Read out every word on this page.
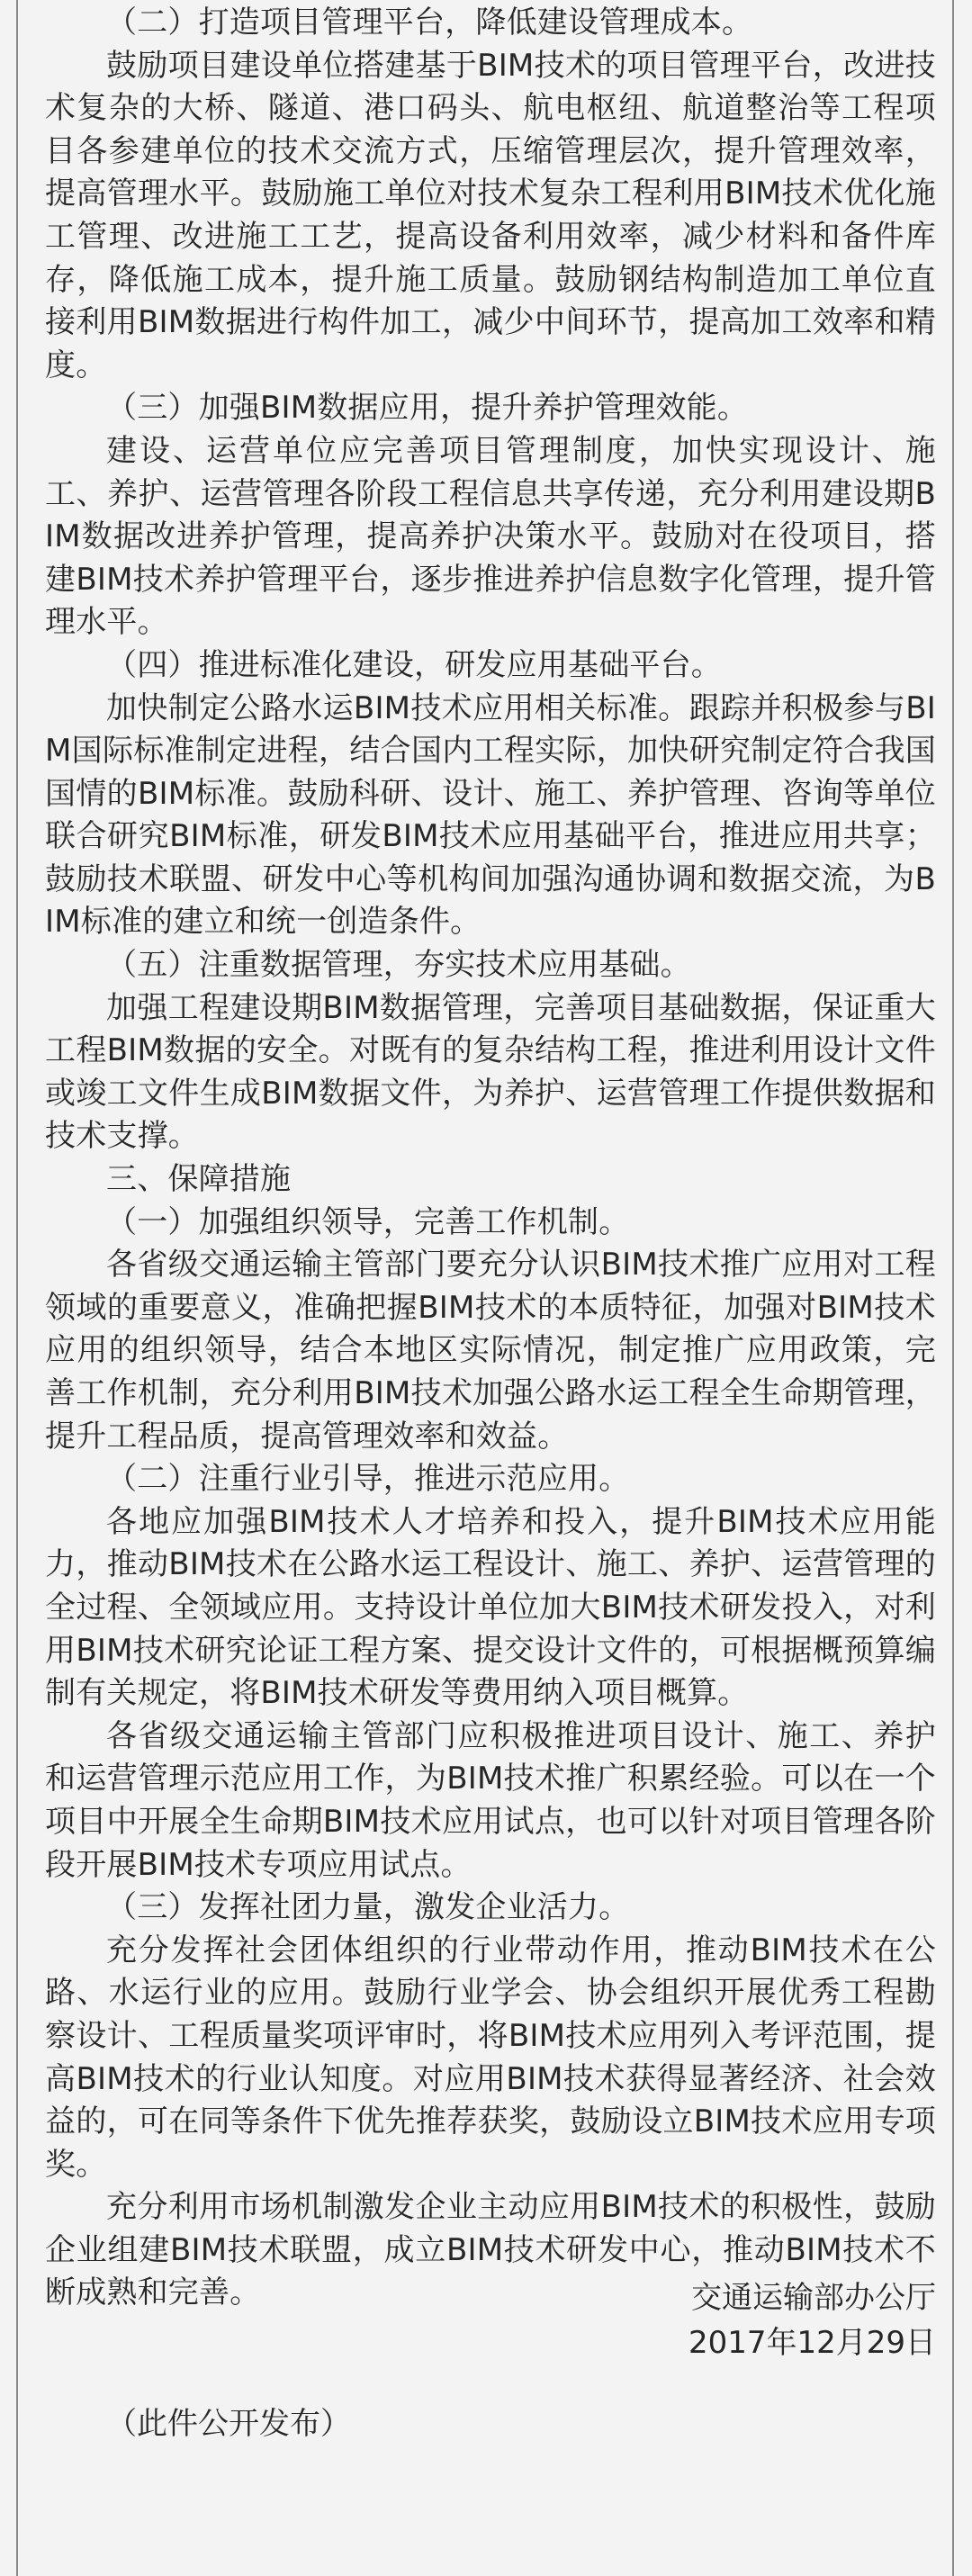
（二）打造项目管理平台，降低建设管理成本。

鼓励项目建设单位搭建基于BIM技术的项目管理平台，改进技术复杂的大桥、隧道、港口码头、航电枢纽、航道整治等工程项目各参建单位的技术交流方式，压缩管理层次，提升管理效率，提高管理水平。鼓励施工单位对技术复杂工程利用BIM技术优化施工管理、改进施工工艺，提高设备利用效率，减少材料和备件库存，降低施工成本，提升施工质量。鼓励钢结构制造加工单位直接利用BIM数据进行构件加工，减少中间环节，提高加工效率和精度。

（三）加强BIM数据应用，提升养护管理效能。

建设、运营单位应完善项目管理制度，加快实现设计、施工、养护、运营管理各阶段工程信息共享传递，充分利用建设期BIM数据改进养护管理，提高养护决策水平。鼓励对在役项目，搭建BIM技术养护管理平台，逐步推进养护信息数字化管理，提升管理水平。

（四）推进标准化建设，研发应用基础平台。

加快制定公路水运BIM技术应用相关标准。跟踪并积极参与BIM国际标准制定进程，结合国内工程实际，加快研究制定符合我国国情的BIM标准。鼓励科研、设计、施工、养护管理、咨询等单位联合研究BIM标准，研发BIM技术应用基础平台，推进应用共享；鼓励技术联盟、研发中心等机构间加强沟通协调和数据交流，为BIM标准的建立和统一创造条件。

（五）注重数据管理，夯实技术应用基础。

加强工程建设期BIM数据管理，完善项目基础数据，保证重大工程BIM数据的安全。对既有的复杂结构工程，推进利用设计文件或竣工文件生成BIM数据文件，为养护、运营管理工作提供数据和技术支撑。

三、保障措施

（一）加强组织领导，完善工作机制。

各省级交通运输主管部门要充分认识BIM技术推广应用对工程领域的重要意义，准确把握BIM技术的本质特征，加强对BIM技术应用的组织领导，结合本地区实际情况，制定推广应用政策，完善工作机制，充分利用BIM技术加强公路水运工程全生命期管理，提升工程品质，提高管理效率和效益。

（二）注重行业引导，推进示范应用。

各地应加强BIM技术人才培养和投入，提升BIM技术应用能力，推动BIM技术在公路水运工程设计、施工、养护、运营管理的全过程、全领域应用。支持设计单位加大BIM技术研发投入，对利用BIM技术研究论证工程方案、提交设计文件的，可根据概预算编制有关规定，将BIM技术研发等费用纳入项目概算。

各省级交通运输主管部门应积极推进项目设计、施工、养护和运营管理示范应用工作，为BIM技术推广积累经验。可以在一个项目中开展全生命期BIM技术应用试点，也可以针对项目管理各阶段开展BIM技术专项应用试点。

（三）发挥社团力量，激发企业活力。

充分发挥社会团体组织的行业带动作用，推动BIM技术在公路、水运行业的应用。鼓励行业学会、协会组织开展优秀工程勘察设计、工程质量奖项评审时，将BIM技术应用列入考评范围，提高BIM技术的行业认知度。对应用BIM技术获得显著经济、社会效益的，可在同等条件下优先推荐获奖，鼓励设立BIM技术应用专项奖。

充分利用市场机制激发企业主动应用BIM技术的积极性，鼓励企业组建BIM技术联盟，成立BIM技术研发中心，推动BIM技术不断成熟和完善。	交通运输部办公厅
2017年12月29日
（此件公开发布）
